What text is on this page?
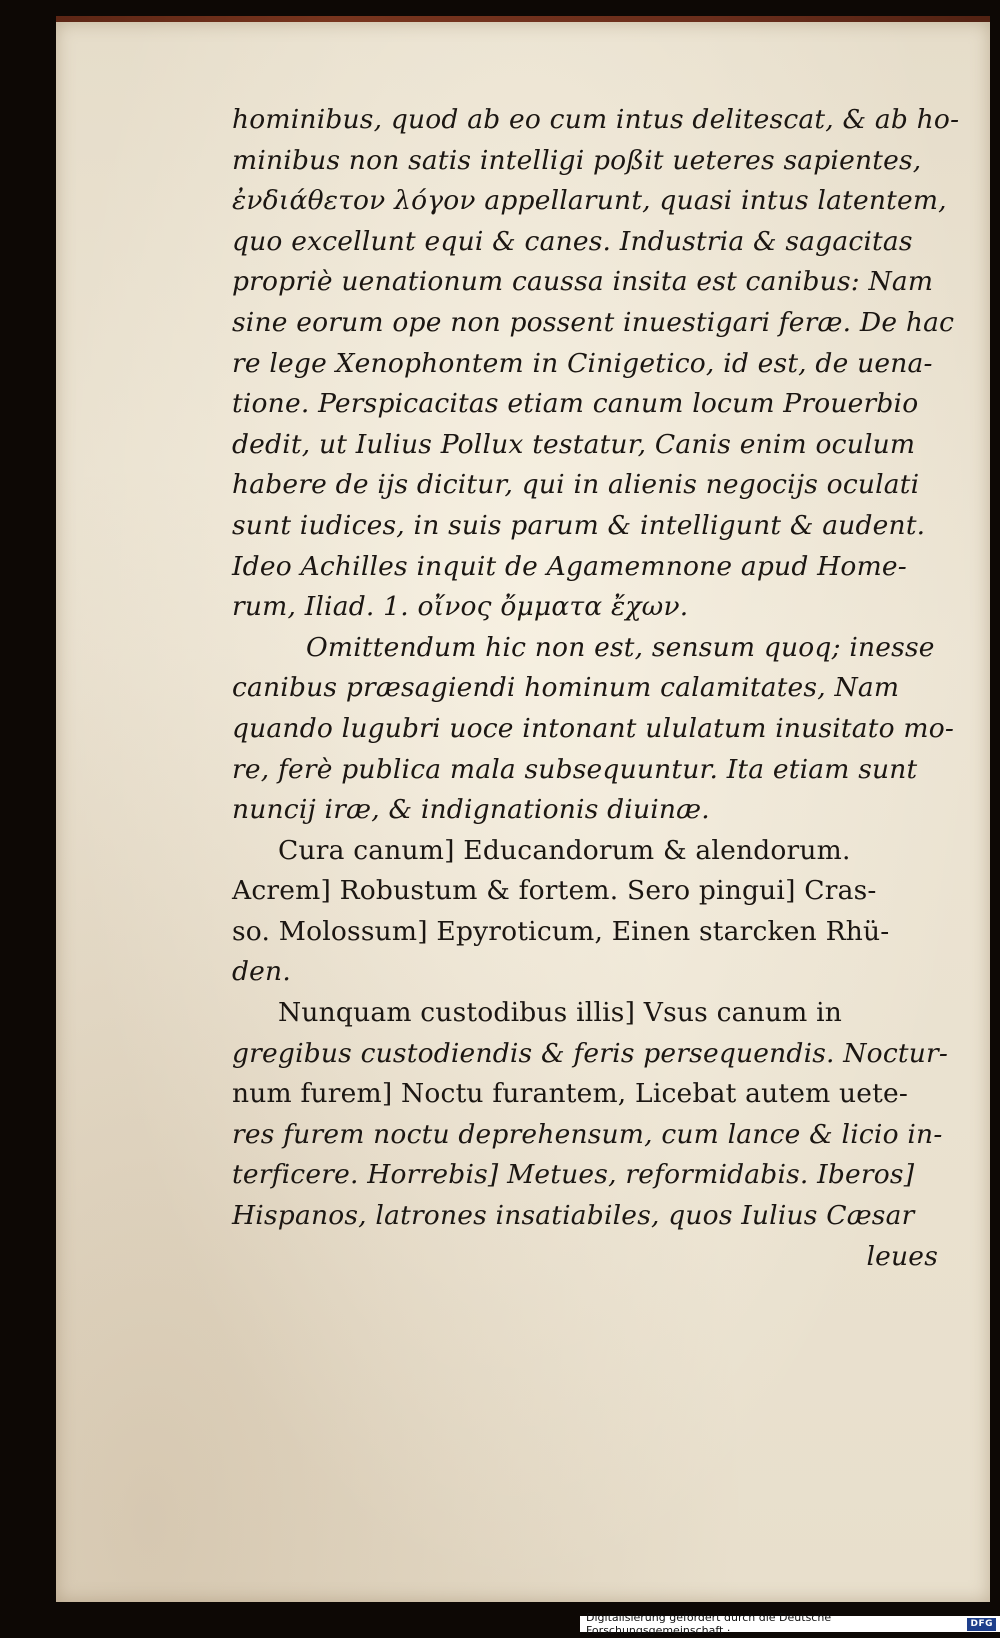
hominibus, quod ab eo cum intus delitescat, & ab ho-
minibus non satis intelligi poßit ueteres sapientes,
ἐνδιάθετον λόγον appellarunt, quasi intus latentem,
quo excellunt equi & canes. Industria & sagacitas
propriè uenationum caussa insita est canibus: Nam
sine eorum ope non possent inuestigari feræ. De hac
re lege Xenophontem in Cinigetico, id est, de uena-
tione. Perspicacitas etiam canum locum Prouerbio
dedit, ut Iulius Pollux testatur, Canis enim oculum
habere de ijs dicitur, qui in alienis negocijs oculati
sunt iudices, in suis parum & intelligunt & audent.
Ideo Achilles inquit de Agamemnone apud Home-
rum, Iliad. 1. οἴνος ὄμματα ἔχων.
Omittendum hic non est, sensum quoq; inesse
canibus præsagiendi hominum calamitates, Nam
quando lugubri uoce intonant ululatum inusitato mo-
re, ferè publica mala subsequuntur. Ita etiam sunt
nuncij iræ, & indignationis diuinæ.
Cura canum] Educandorum & alendorum.
Acrem] Robustum & fortem. Sero pingui] Cras-
so. Molossum] Epyroticum, Einen starcken Rhü-
den.
Nunquam custodibus illis] Vsus canum in
gregibus custodiendis & feris persequendis. Noctur-
num furem] Noctu furantem, Licebat autem uete-
res furem noctu deprehensum, cum lance & licio in-
terficere. Horrebis] Metues, reformidabis. Iberos]
Hispanos, latrones insatiabiles, quos Iulius Cæsar
leues
Digitalisierung gefördert durch die Deutsche Forschungsgemeinschaft ·
DFG
